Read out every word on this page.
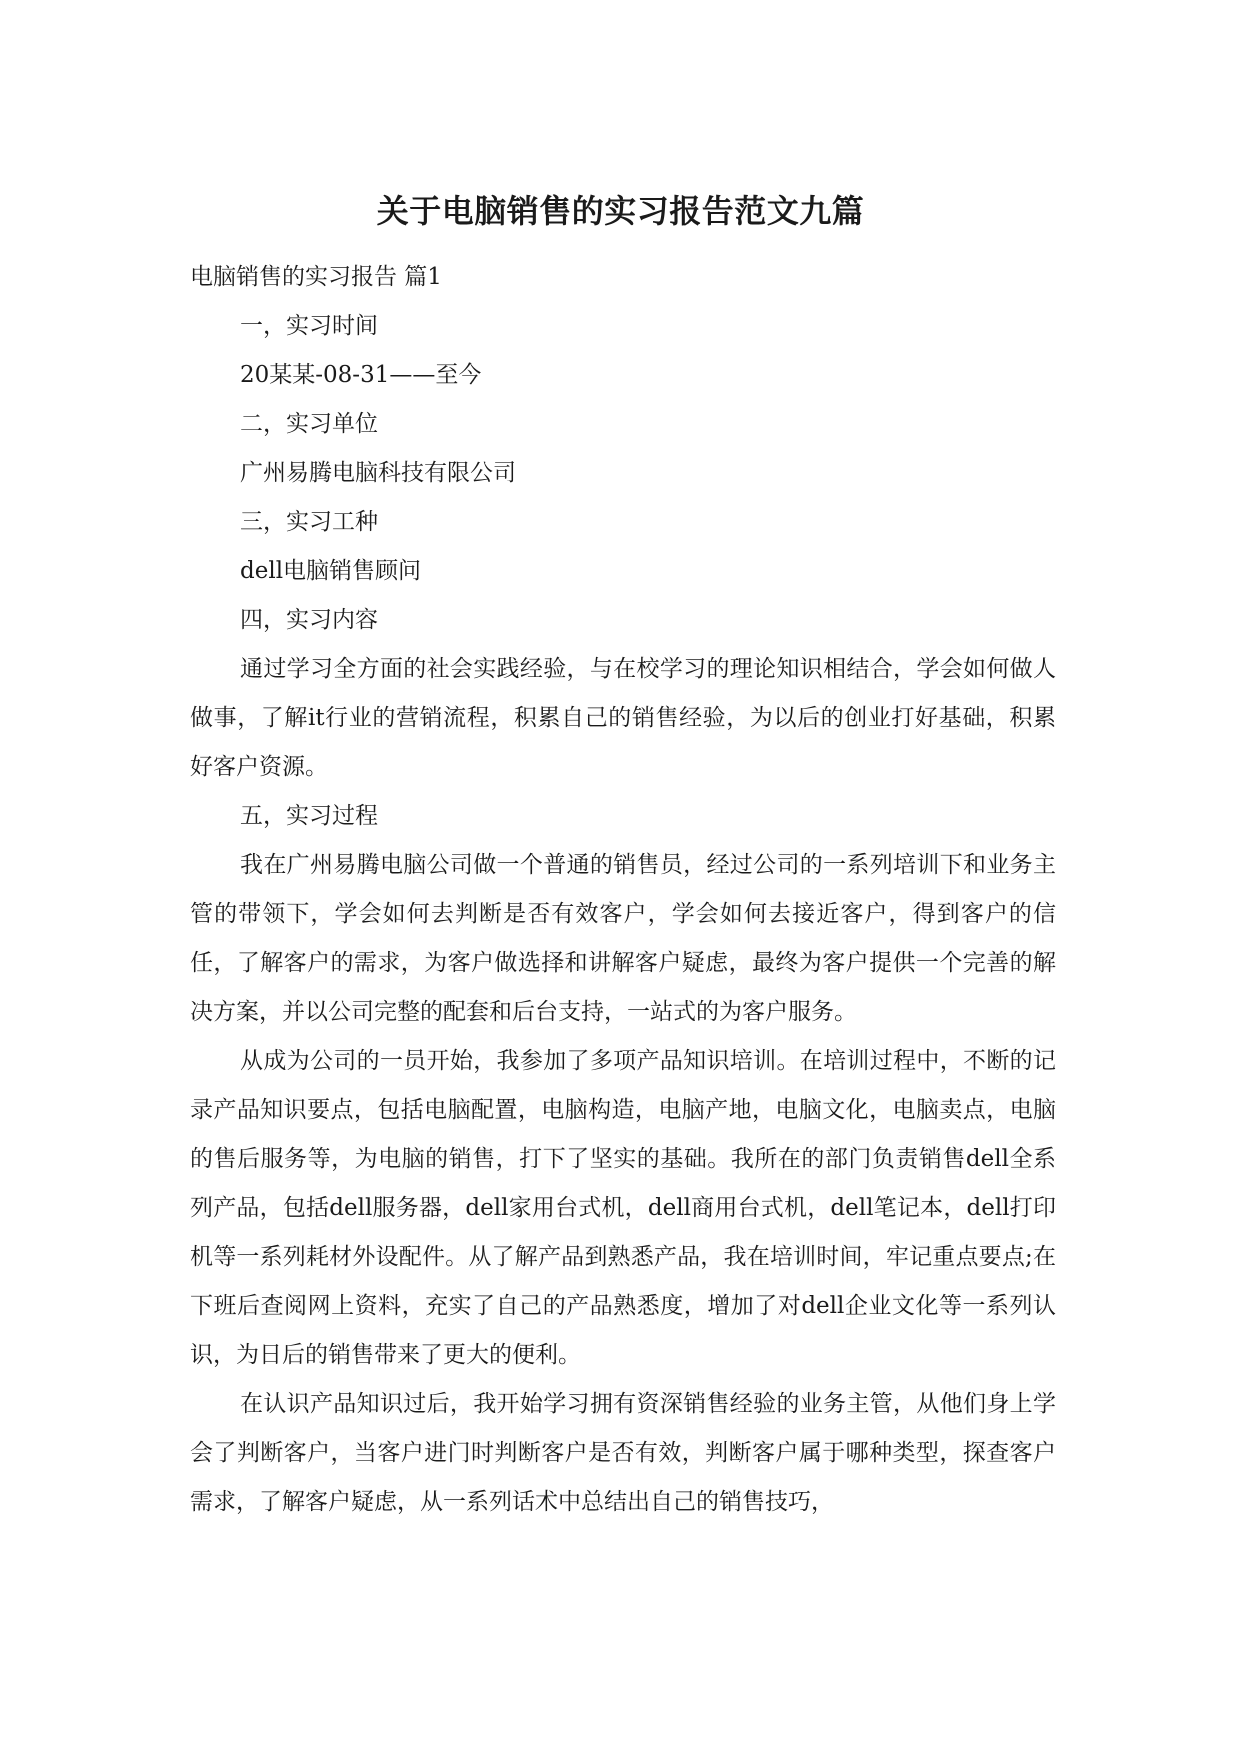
关于电脑销售的实习报告范文九篇

电脑销售的实习报告 篇1

一，实习时间

20某某-08-31——至今

二，实习单位

广州易腾电脑科技有限公司

三，实习工种

dell电脑销售顾问

四，实习内容

通过学习全方面的社会实践经验，与在校学习的理论知识相结合，学会如何做人做事，了解it行业的营销流程，积累自己的销售经验，为以后的创业打好基础，积累好客户资源。

五，实习过程

我在广州易腾电脑公司做一个普通的销售员，经过公司的一系列培训下和业务主管的带领下，学会如何去判断是否有效客户，学会如何去接近客户，得到客户的信任，了解客户的需求，为客户做选择和讲解客户疑虑，最终为客户提供一个完善的解决方案，并以公司完整的配套和后台支持，一站式的为客户服务。

从成为公司的一员开始，我参加了多项产品知识培训。在培训过程中，不断的记录产品知识要点，包括电脑配置，电脑构造，电脑产地，电脑文化，电脑卖点，电脑的售后服务等，为电脑的销售，打下了坚实的基础。我所在的部门负责销售dell全系列产品，包括dell服务器，dell家用台式机，dell商用台式机，dell笔记本，dell打印机等一系列耗材外设配件。从了解产品到熟悉产品，我在培训时间，牢记重点要点;在下班后查阅网上资料，充实了自己的产品熟悉度，增加了对dell企业文化等一系列认识，为日后的销售带来了更大的便利。

在认识产品知识过后，我开始学习拥有资深销售经验的业务主管，从他们身上学会了判断客户，当客户进门时判断客户是否有效，判断客户属于哪种类型，探查客户需求，了解客户疑虑，从一系列话术中总结出自己的销售技巧，
